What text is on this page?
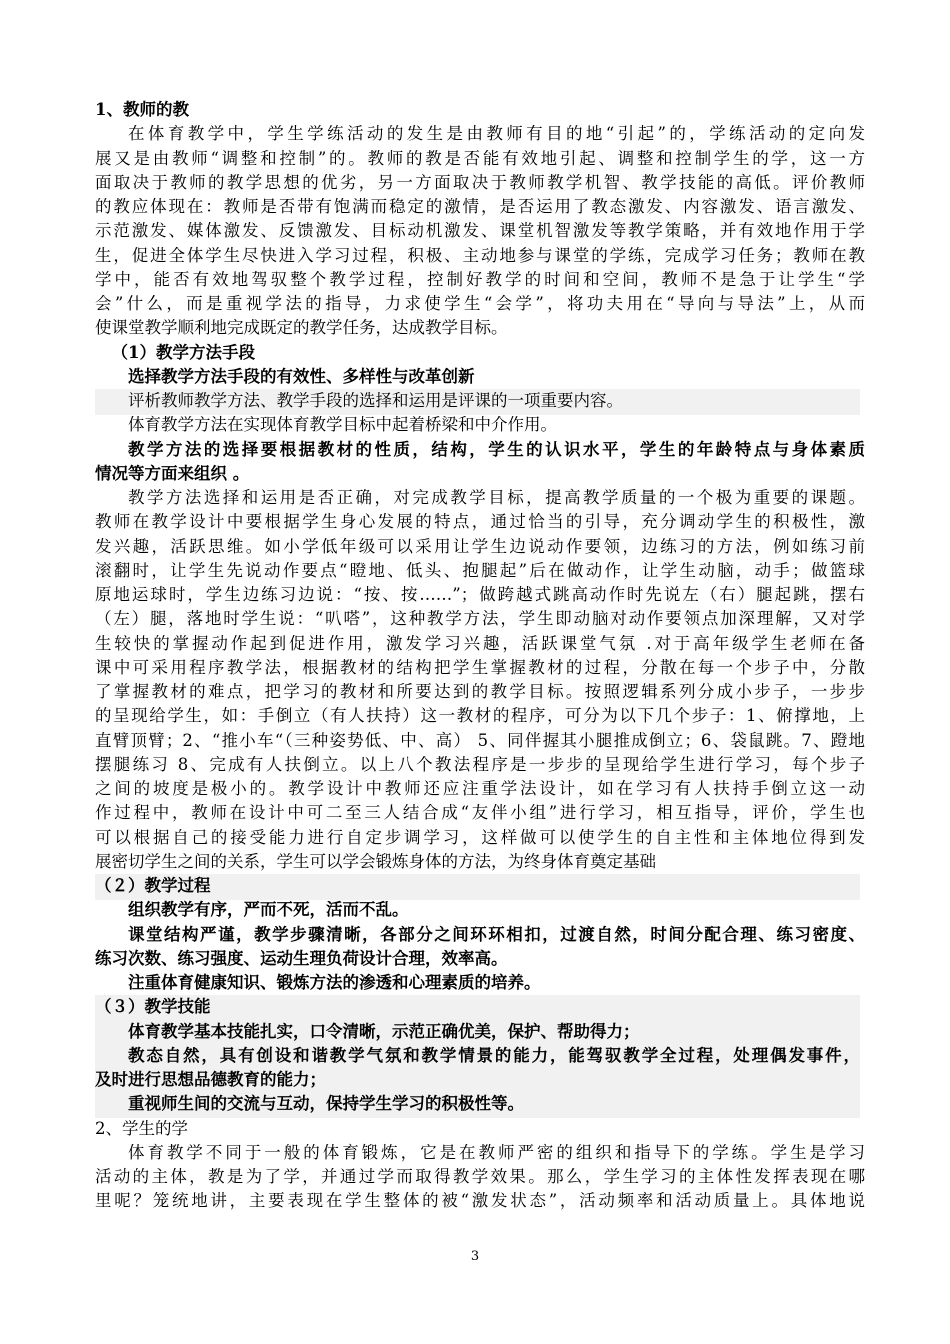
3
1、教师的教
在体育教学中，学生学练活动的发生是由教师有目的地“引起”的，学练活动的定向发
展又是由教师“调整和控制”的。教师的教是否能有效地引起、调整和控制学生的学，这一方
面取决于教师的教学思想的优劣，另一方面取决于教师教学机智、教学技能的高低。评价教师
的教应体现在：教师是否带有饱满而稳定的激情，是否运用了教态激发、内容激发、语言激发、
示范激发、媒体激发、反馈激发、目标动机激发、课堂机智激发等教学策略，并有效地作用于学
生，促进全体学生尽快进入学习过程，积极、主动地参与课堂的学练，完成学习任务；教师在教
学中，能否有效地驾驭整个教学过程，控制好教学的时间和空间，教师不是急于让学生“学
会”什么，而是重视学法的指导，力求使学生“会学”，将功夫用在“导向与导法”上，从而
使课堂教学顺利地完成既定的教学任务，达成教学目标。
（1）教学方法手段
选择教学方法手段的有效性、多样性与改革创新
评析教师教学方法、教学手段的选择和运用是评课的一项重要内容。
体育教学方法在实现体育教学目标中起着桥梁和中介作用。
教学方法的选择要根据教材的性质，结构，学生的认识水平，学生的年龄特点与身体素质
情况等方面来组织 。
教学方法选择和运用是否正确，对完成教学目标，提高教学质量的一个极为重要的课题。
教师在教学设计中要根据学生身心发展的特点，通过恰当的引导，充分调动学生的积极性，激
发兴趣，活跃思维。如小学低年级可以采用让学生边说动作要领，边练习的方法，例如练习前
滚翻时，让学生先说动作要点“瞪地、低头、抱腿起”后在做动作，让学生动脑，动手；做篮球
原地运球时，学生边练习边说：“按、按……”；做跨越式跳高动作时先说左（右）腿起跳，摆右
（左）腿，落地时学生说：“叭嗒”，这种教学方法，学生即动脑对动作要领点加深理解，又对学
生较快的掌握动作起到促进作用，激发学习兴趣，活跃课堂气氛 .对于高年级学生老师在备
课中可采用程序教学法，根据教材的结构把学生掌握教材的过程，分散在每一个步子中，分散
了掌握教材的难点，把学习的教材和所要达到的教学目标。按照逻辑系列分成小步子，一步步
的呈现给学生，如：手倒立（有人扶持）这一教材的程序，可分为以下几个步子：1、俯撑地，上
直臂顶臂；2、“推小车“（三种姿势低、中、高） 5、同伴握其小腿推成倒立；6、袋鼠跳。7、蹬地
摆腿练习 8、完成有人扶倒立。以上八个教法程序是一步步的呈现给学生进行学习，每个步子
之间的坡度是极小的。教学设计中教师还应注重学法设计，如在学习有人扶持手倒立这一动
作过程中，教师在设计中可二至三人结合成“友伴小组”进行学习，相互指导，评价，学生也
可以根据自己的接受能力进行自定步调学习，这样做可以使学生的自主性和主体地位得到发
展密切学生之间的关系，学生可以学会锻炼身体的方法，为终身体育奠定基础
（２）教学过程
组织教学有序，严而不死，活而不乱。
课堂结构严谨，教学步骤清晰，各部分之间环环相扣，过渡自然，时间分配合理、练习密度、
练习次数、练习强度、运动生理负荷设计合理，效率高。
注重体育健康知识、锻炼方法的渗透和心理素质的培养。
（３）教学技能
体育教学基本技能扎实，口令清晰，示范正确优美，保护、帮助得力；
教态自然，具有创设和谐教学气氛和教学情景的能力，能驾驭教学全过程，处理偶发事件，
及时进行思想品德教育的能力；
重视师生间的交流与互动，保持学生学习的积极性等。
2、学生的学
体育教学不同于一般的体育锻炼，它是在教师严密的组织和指导下的学练。学生是学习
活动的主体，教是为了学，并通过学而取得教学效果。那么，学生学习的主体性发挥表现在哪
里呢？笼统地讲，主要表现在学生整体的被“激发状态”，活动频率和活动质量上。具体地说
